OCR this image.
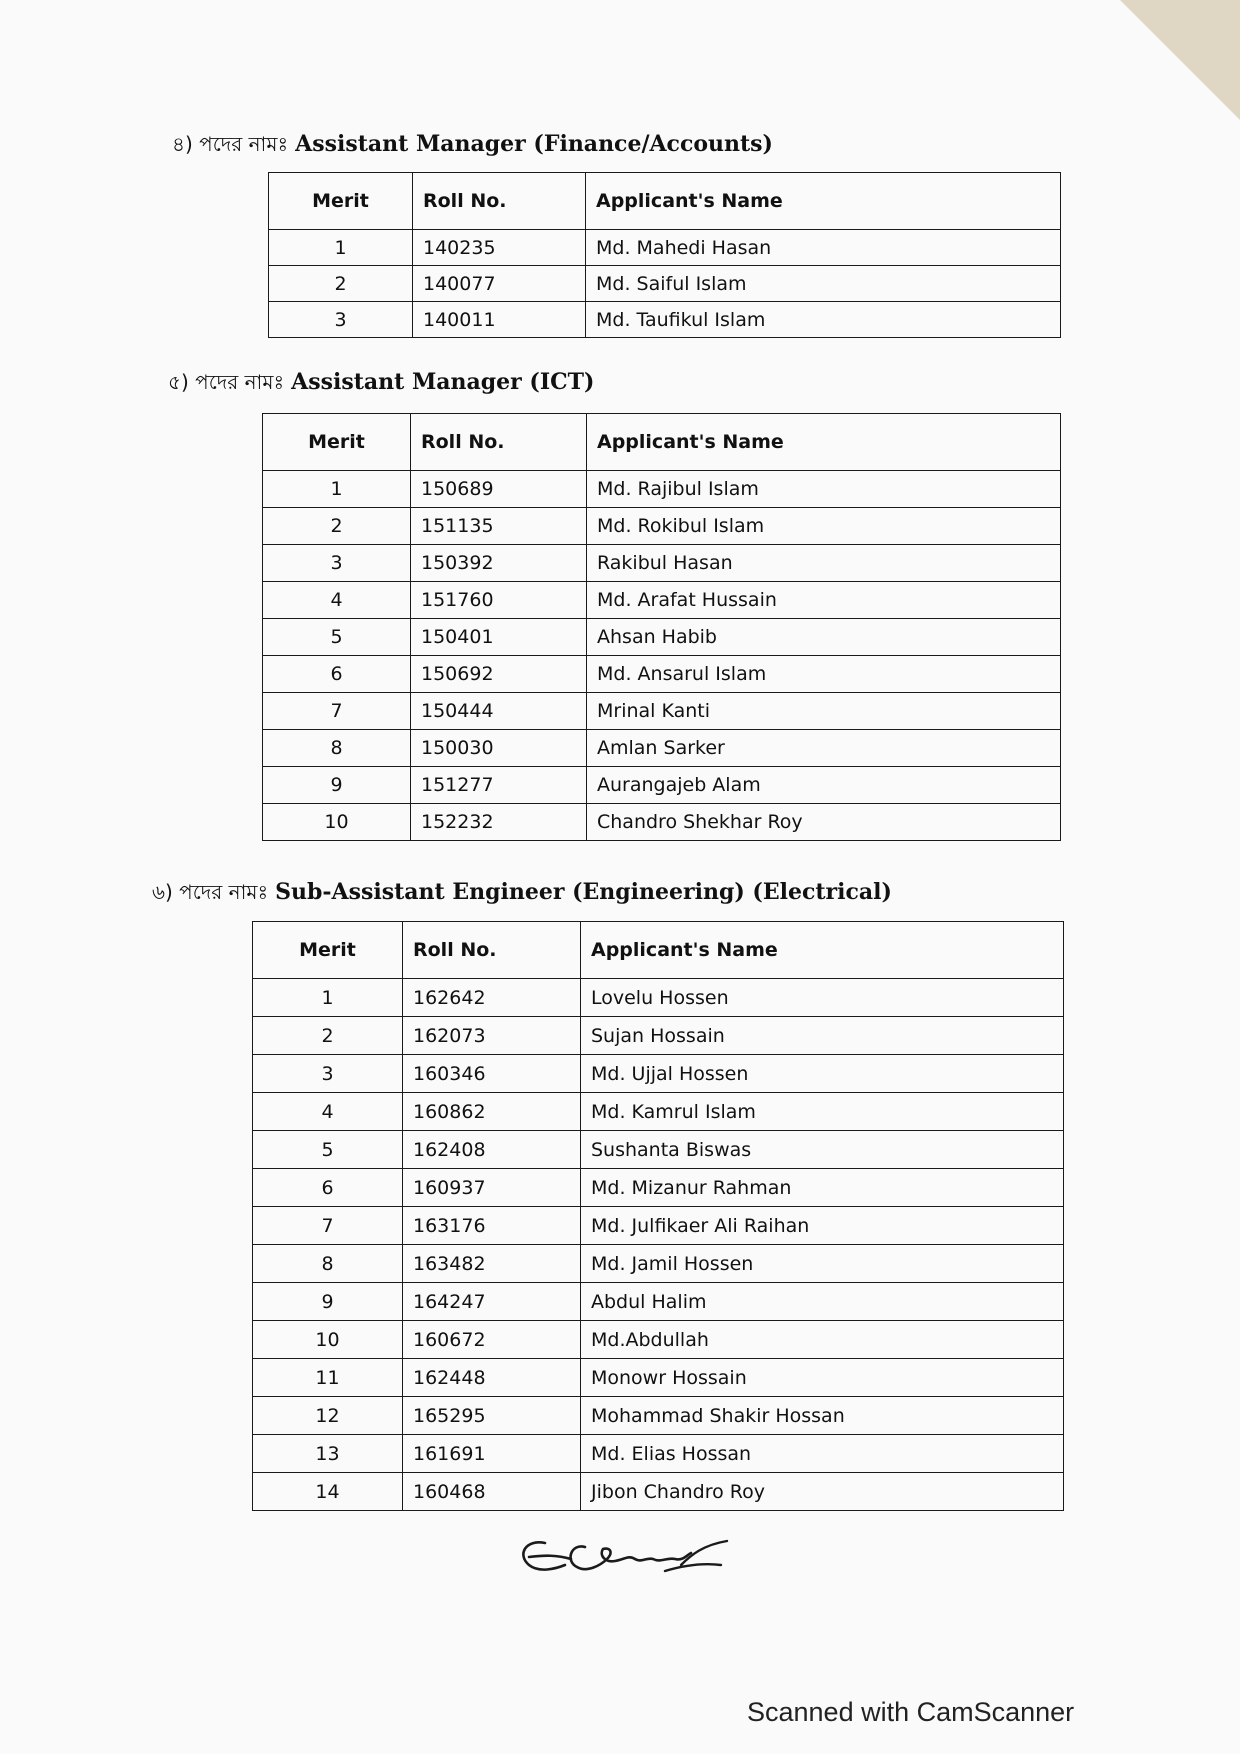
৪) পদের নামঃ Assistant Manager (Finance/Accounts)
Merit	Roll No.	Applicant's Name
1	140235	Md. Mahedi Hasan
2	140077	Md. Saiful Islam
3	140011	Md. Taufikul Islam
৫) পদের নামঃ Assistant Manager (ICT)
Merit	Roll No.	Applicant's Name
1	150689	Md. Rajibul Islam
2	151135	Md. Rokibul Islam
3	150392	Rakibul Hasan
4	151760	Md. Arafat Hussain
5	150401	Ahsan Habib
6	150692	Md. Ansarul Islam
7	150444	Mrinal Kanti
8	150030	Amlan Sarker
9	151277	Aurangajeb Alam
10	152232	Chandro Shekhar Roy
৬) পদের নামঃ Sub-Assistant Engineer (Engineering) (Electrical)
Merit	Roll No.	Applicant's Name
1	162642	Lovelu Hossen
2	162073	Sujan Hossain
3	160346	Md. Ujjal Hossen
4	160862	Md. Kamrul Islam
5	162408	Sushanta Biswas
6	160937	Md. Mizanur Rahman
7	163176	Md. Julfikaer Ali Raihan
8	163482	Md. Jamil Hossen
9	164247	Abdul Halim
10	160672	Md.Abdullah
11	162448	Monowr Hossain
12	165295	Mohammad Shakir Hossan
13	161691	Md. Elias Hossan
14	160468	Jibon Chandro Roy
Scanned with CamScanner
